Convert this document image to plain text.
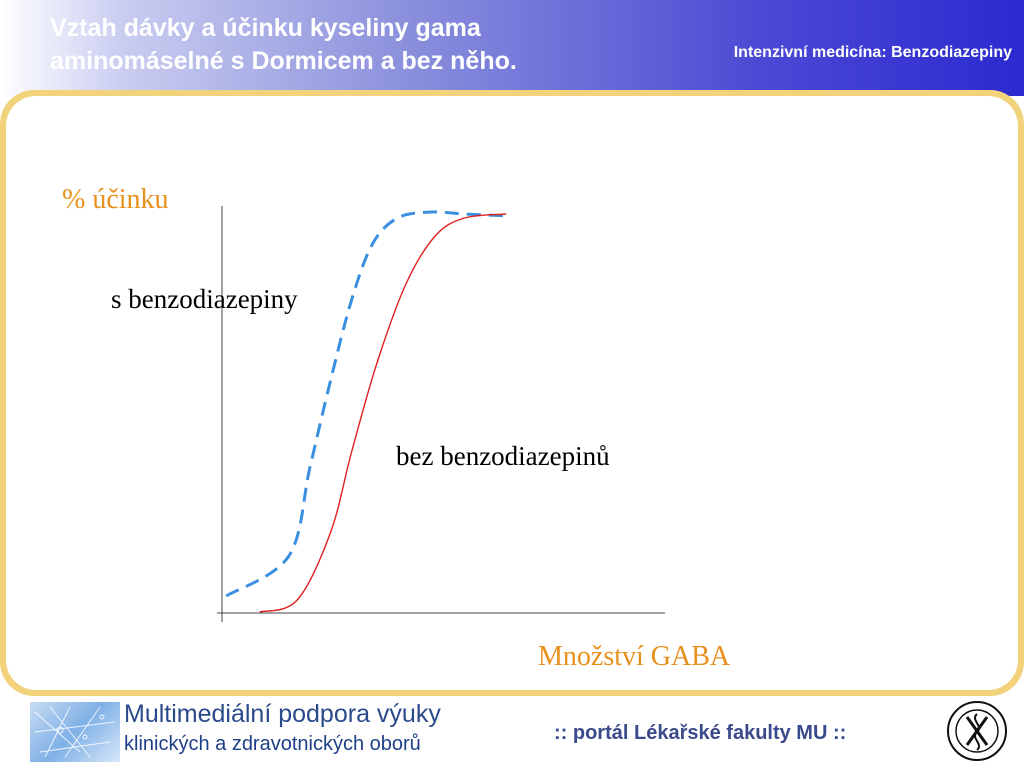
Vztah dávky a účinku kyseliny gama aminomáselné s Dormicem a bez něho.	Intenzivní medicína: Benzodiazepiny
% účinku
Množství GABA
s benzodiazepiny
bez benzodiazepinů
Multimediální podpora výuky
klinických a zdravotnických oborů	:: portál Lékařské fakulty MU ::
